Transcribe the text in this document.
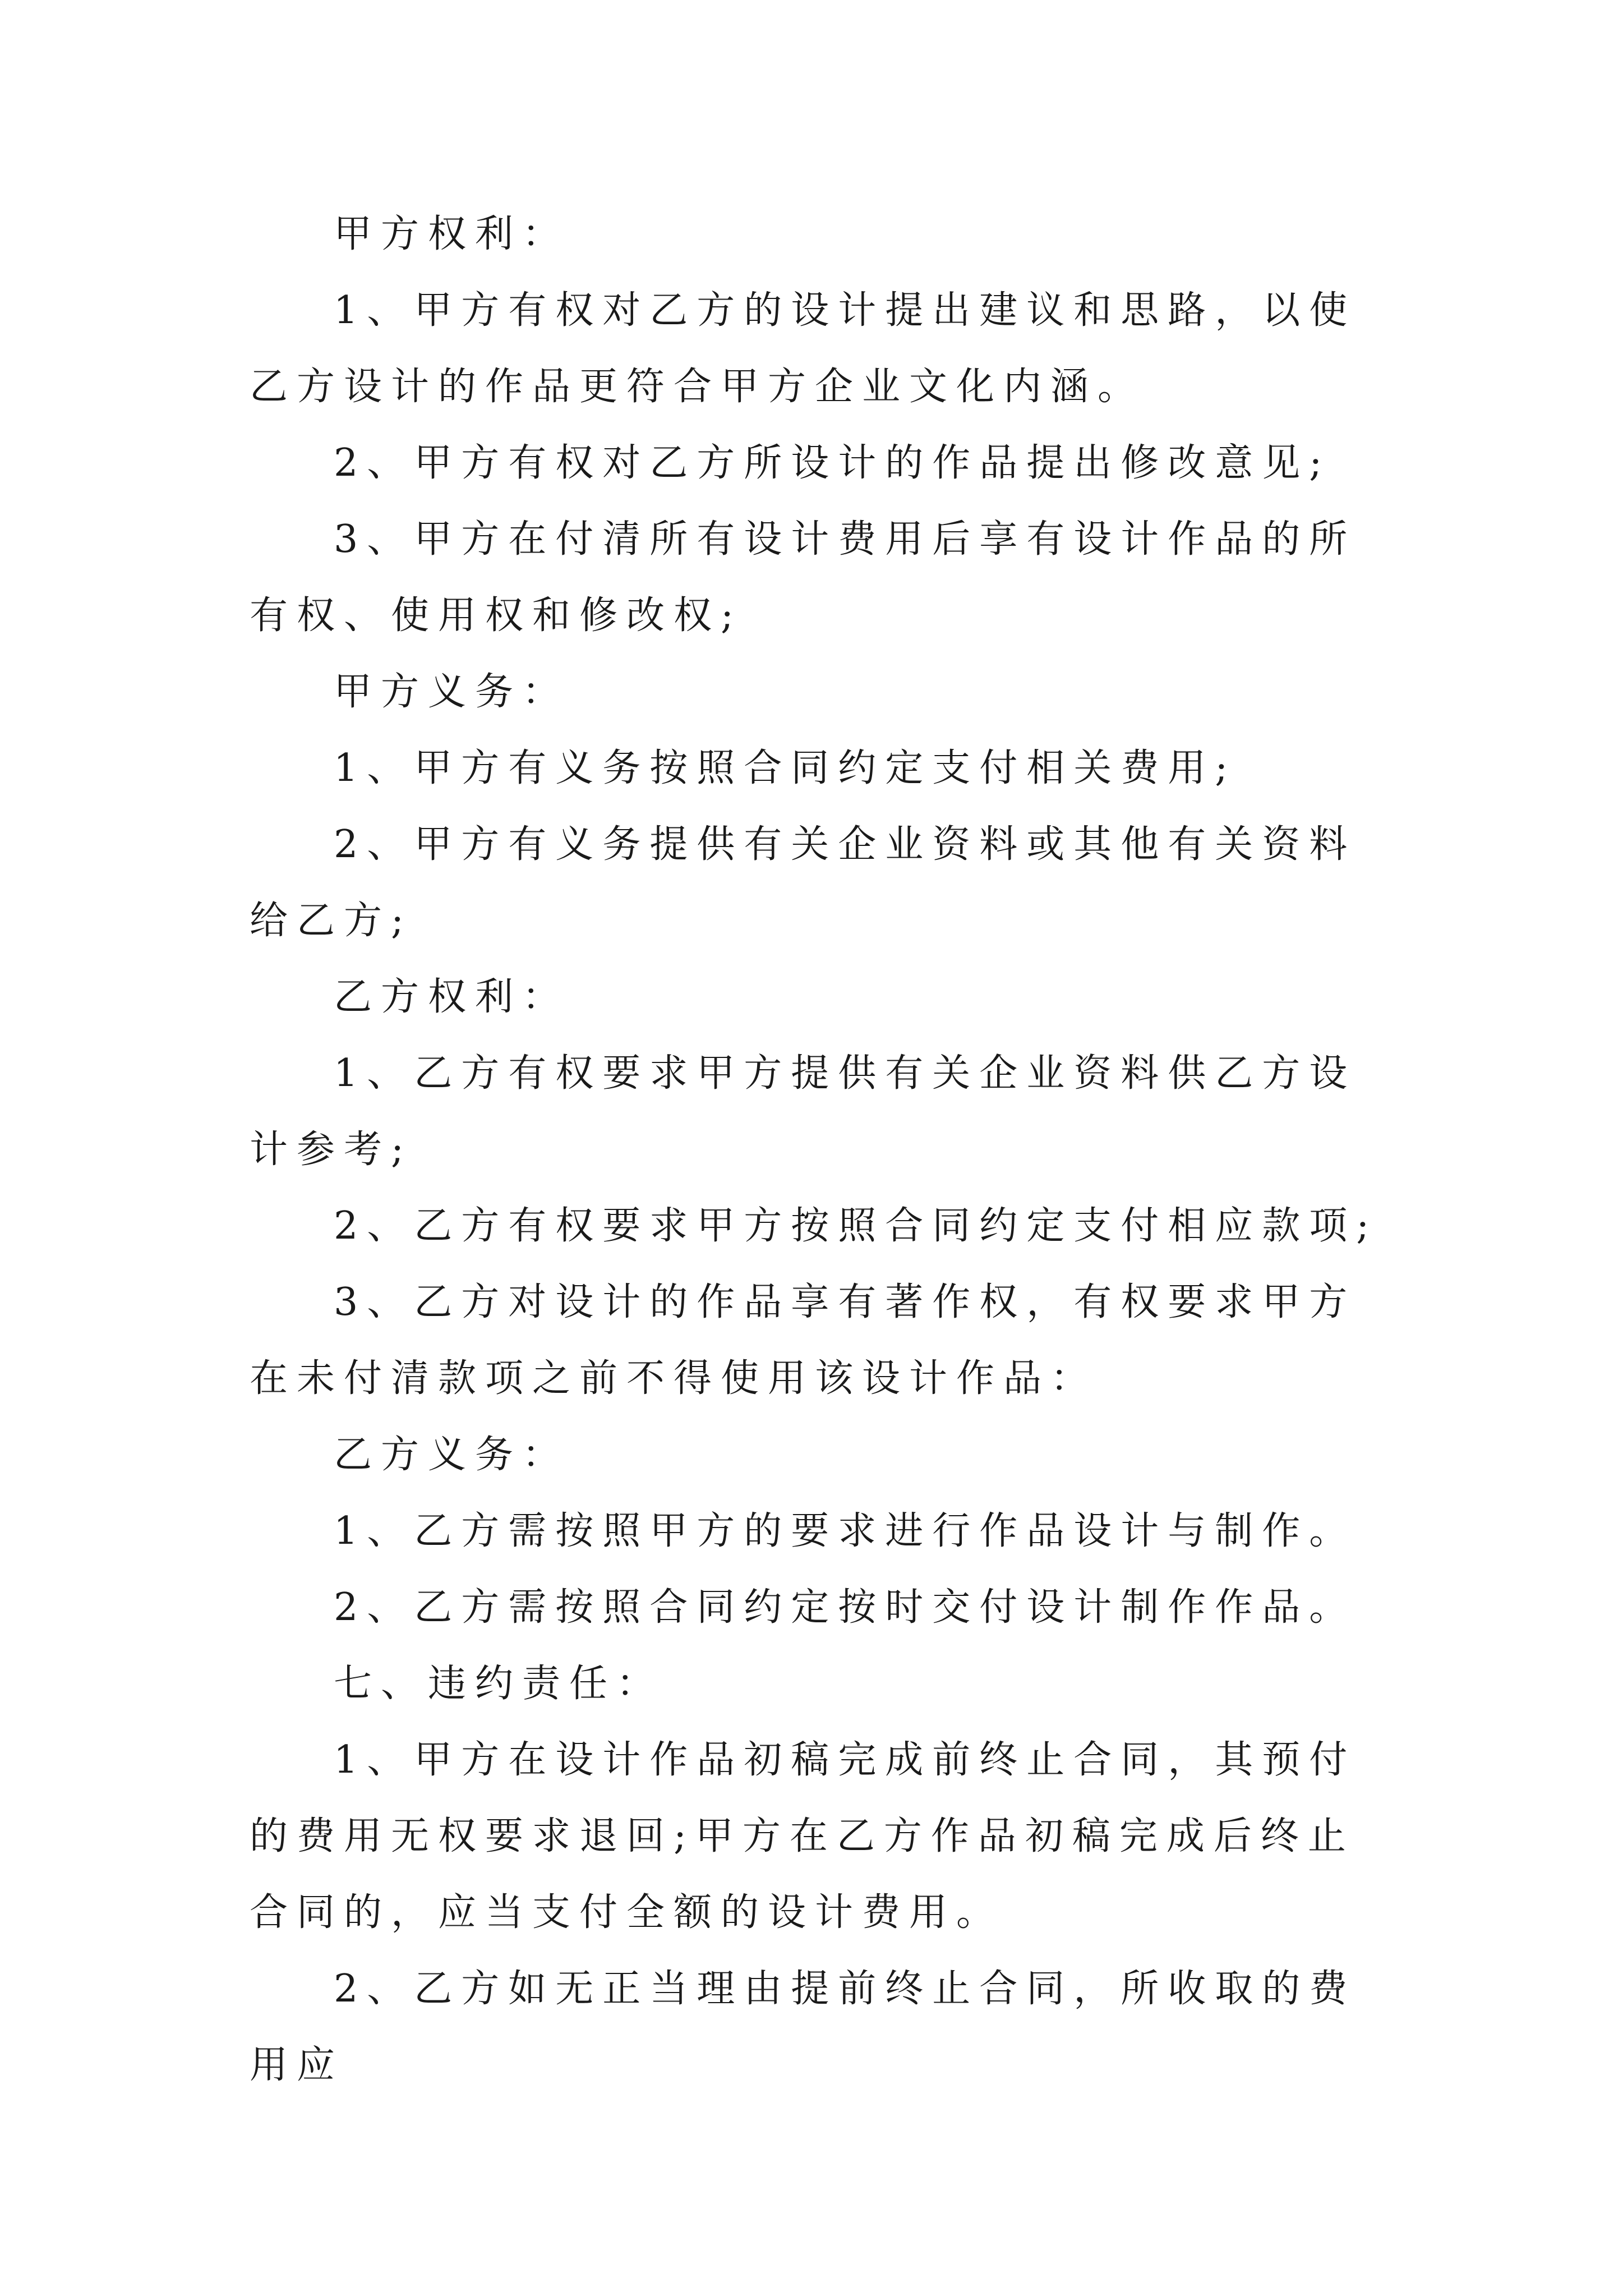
甲方权利：

1、甲方有权对乙方的设计提出建议和思路，以使乙方设计的作品更符合甲方企业文化内涵。

2、甲方有权对乙方所设计的作品提出修改意见;

3、甲方在付清所有设计费用后享有设计作品的所有权、使用权和修改权;

甲方义务：

1、甲方有义务按照合同约定支付相关费用;

2、甲方有义务提供有关企业资料或其他有关资料给乙方;

乙方权利：

1、乙方有权要求甲方提供有关企业资料供乙方设计参考;

2、乙方有权要求甲方按照合同约定支付相应款项;

3、乙方对设计的作品享有著作权，有权要求甲方在未付清款项之前不得使用该设计作品：

乙方义务：

1、乙方需按照甲方的要求进行作品设计与制作。

2、乙方需按照合同约定按时交付设计制作作品。

七、违约责任：

1、甲方在设计作品初稿完成前终止合同，其预付的费用无权要求退回;甲方在乙方作品初稿完成后终止合同的，应当支付全额的设计费用。

2、乙方如无正当理由提前终止合同，所收取的费用应
